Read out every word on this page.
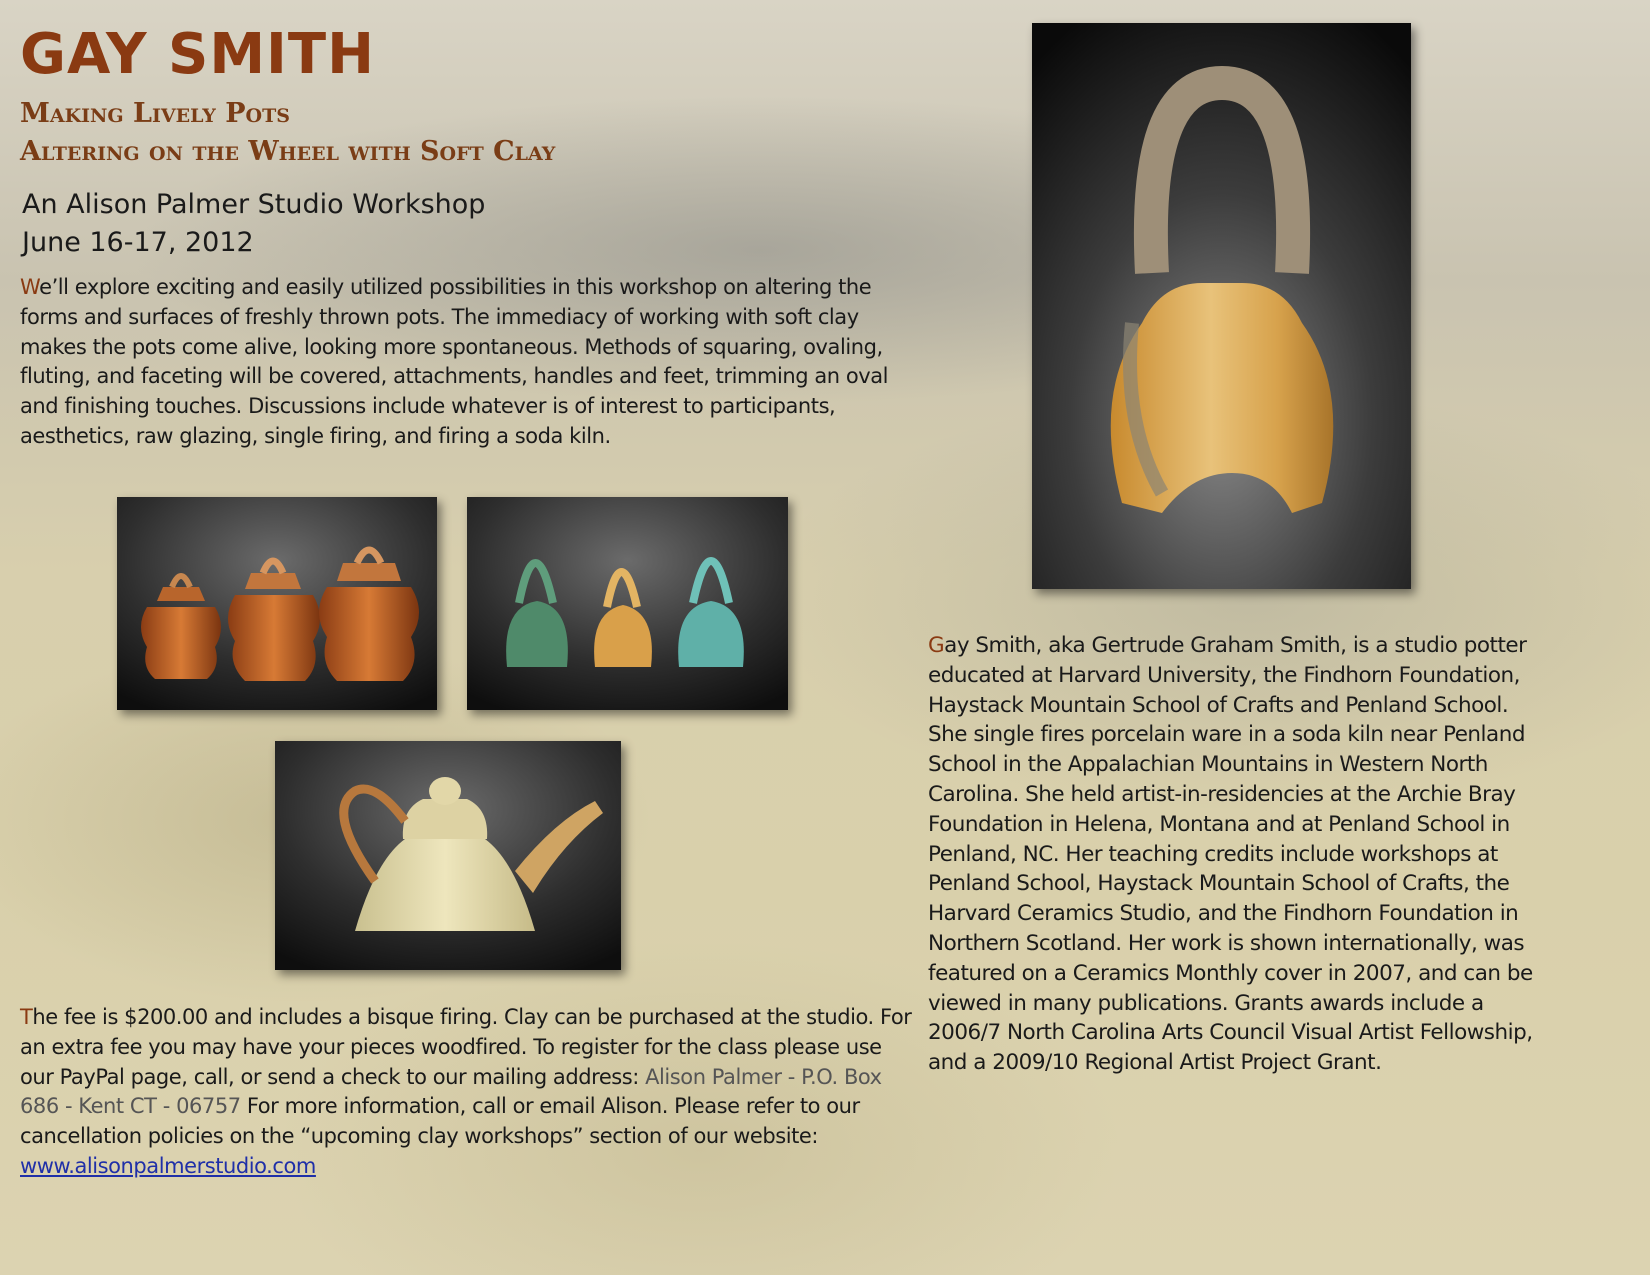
GAY SMITH
Making Lively Pots
Altering on the Wheel with Soft Clay
An Alison Palmer Studio Workshop
June 16-17, 2012

We’ll explore exciting and easily utilized possibilities in this workshop on altering the forms and surfaces of freshly thrown pots. The immediacy of working with soft clay makes the pots come alive, looking more spontaneous. Methods of squaring, ovaling, fluting, and faceting will be covered, attachments, handles and feet, trimming an oval and finishing touches. Discussions include whatever is of interest to participants, aesthetics, raw glazing, single firing, and firing a soda kiln.

The fee is $200.00 and includes a bisque firing. Clay can be purchased at the studio. For an extra fee you may have your pieces woodfired. To register for the class please use our PayPal page, call, or send a check to our mailing address: Alison Palmer - P.O. Box 686 - Kent CT - 06757 For more information, call or email Alison. Please refer to our cancellation policies on the “upcoming clay workshops” section of our website: www.alisonpalmerstudio.com

Gay Smith, aka Gertrude Graham Smith, is a studio potter educated at Harvard University, the Findhorn Foundation, Haystack Mountain School of Crafts and Penland School. She single fires porcelain ware in a soda kiln near Penland School in the Appalachian Mountains in Western North Carolina. She held artist-in-residencies at the Archie Bray Foundation in Helena, Montana and at Penland School in Penland, NC. Her teaching credits include workshops at Penland School, Haystack Mountain School of Crafts, the Harvard Ceramics Studio, and the Findhorn Foundation in Northern Scotland. Her work is shown internationally, was featured on a Ceramics Monthly cover in 2007, and can be viewed in many publications. Grants awards include a 2006/7 North Carolina Arts Council Visual Artist Fellowship, and a 2009/10 Regional Artist Project Grant.
